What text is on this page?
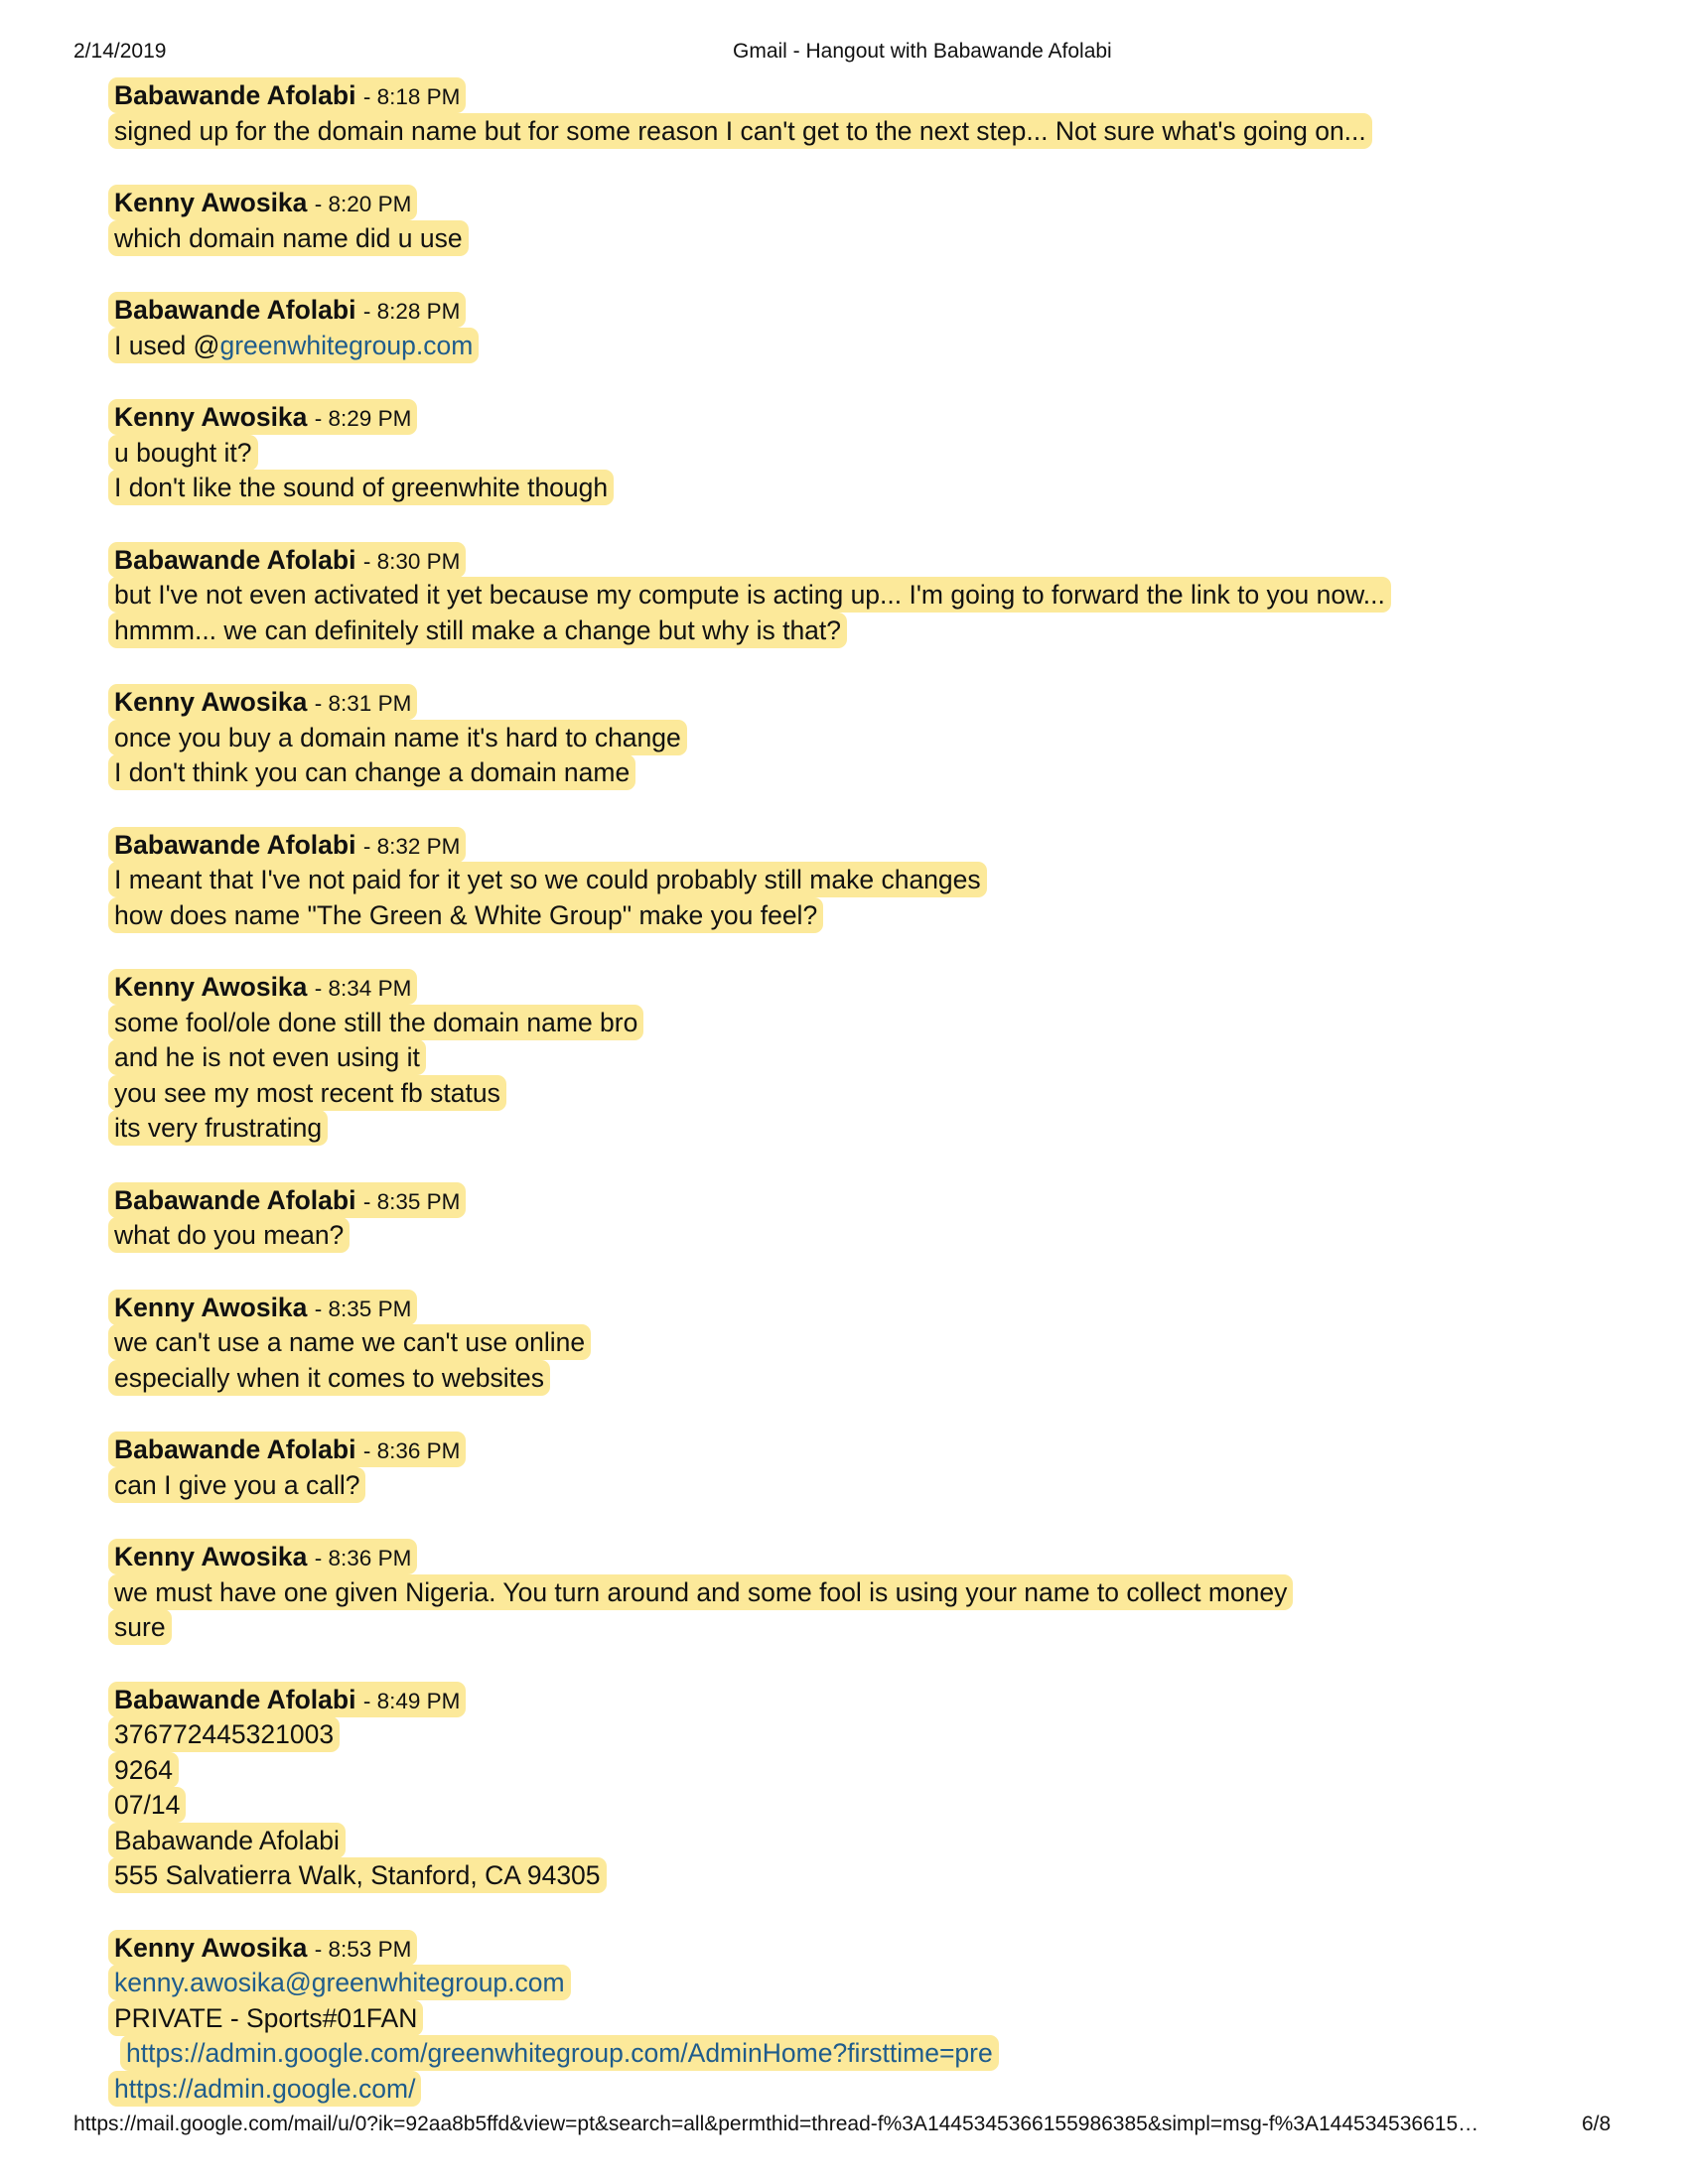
2/14/2019	Gmail - Hangout with Babawande Afolabi
Babawande Afolabi - 8:18 PM
signed up for the domain name but for some reason I can't get to the next step... Not sure what's going on...
Kenny Awosika - 8:20 PM
which domain name did u use
Babawande Afolabi - 8:28 PM
I used @greenwhitegroup.com
Kenny Awosika - 8:29 PM
u bought it?
I don't like the sound of greenwhite though
Babawande Afolabi - 8:30 PM
but I've not even activated it yet because my compute is acting up... I'm going to forward the link to you now...
hmmm... we can definitely still make a change but why is that?
Kenny Awosika - 8:31 PM
once you buy a domain name it's hard to change
I don't think you can change a domain name
Babawande Afolabi - 8:32 PM
I meant that I've not paid for it yet so we could probably still make changes
how does name "The Green & White Group" make you feel?
Kenny Awosika - 8:34 PM
some fool/ole done still the domain name bro
and he is not even using it
you see my most recent fb status
its very frustrating
Babawande Afolabi - 8:35 PM
what do you mean?
Kenny Awosika - 8:35 PM
we can't use a name we can't use online
especially when it comes to websites
Babawande Afolabi - 8:36 PM
can I give you a call?
Kenny Awosika - 8:36 PM
we must have one given Nigeria. You turn around and some fool is using your name to collect money
sure
Babawande Afolabi - 8:49 PM
376772445321003
9264
07/14
Babawande Afolabi
555 Salvatierra Walk, Stanford, CA 94305
Kenny Awosika - 8:53 PM
kenny.awosika@greenwhitegroup.com
PRIVATE - Sports#01FAN
https://admin.google.com/greenwhitegroup.com/AdminHome?firsttime=pre
https://admin.google.com/
https://mail.google.com/mail/u/0?ik=92aa8b5ffd&view=pt&search=all&permthid=thread-f%3A1445345366155986385&simpl=msg-f%3A144534536615…	6/8
